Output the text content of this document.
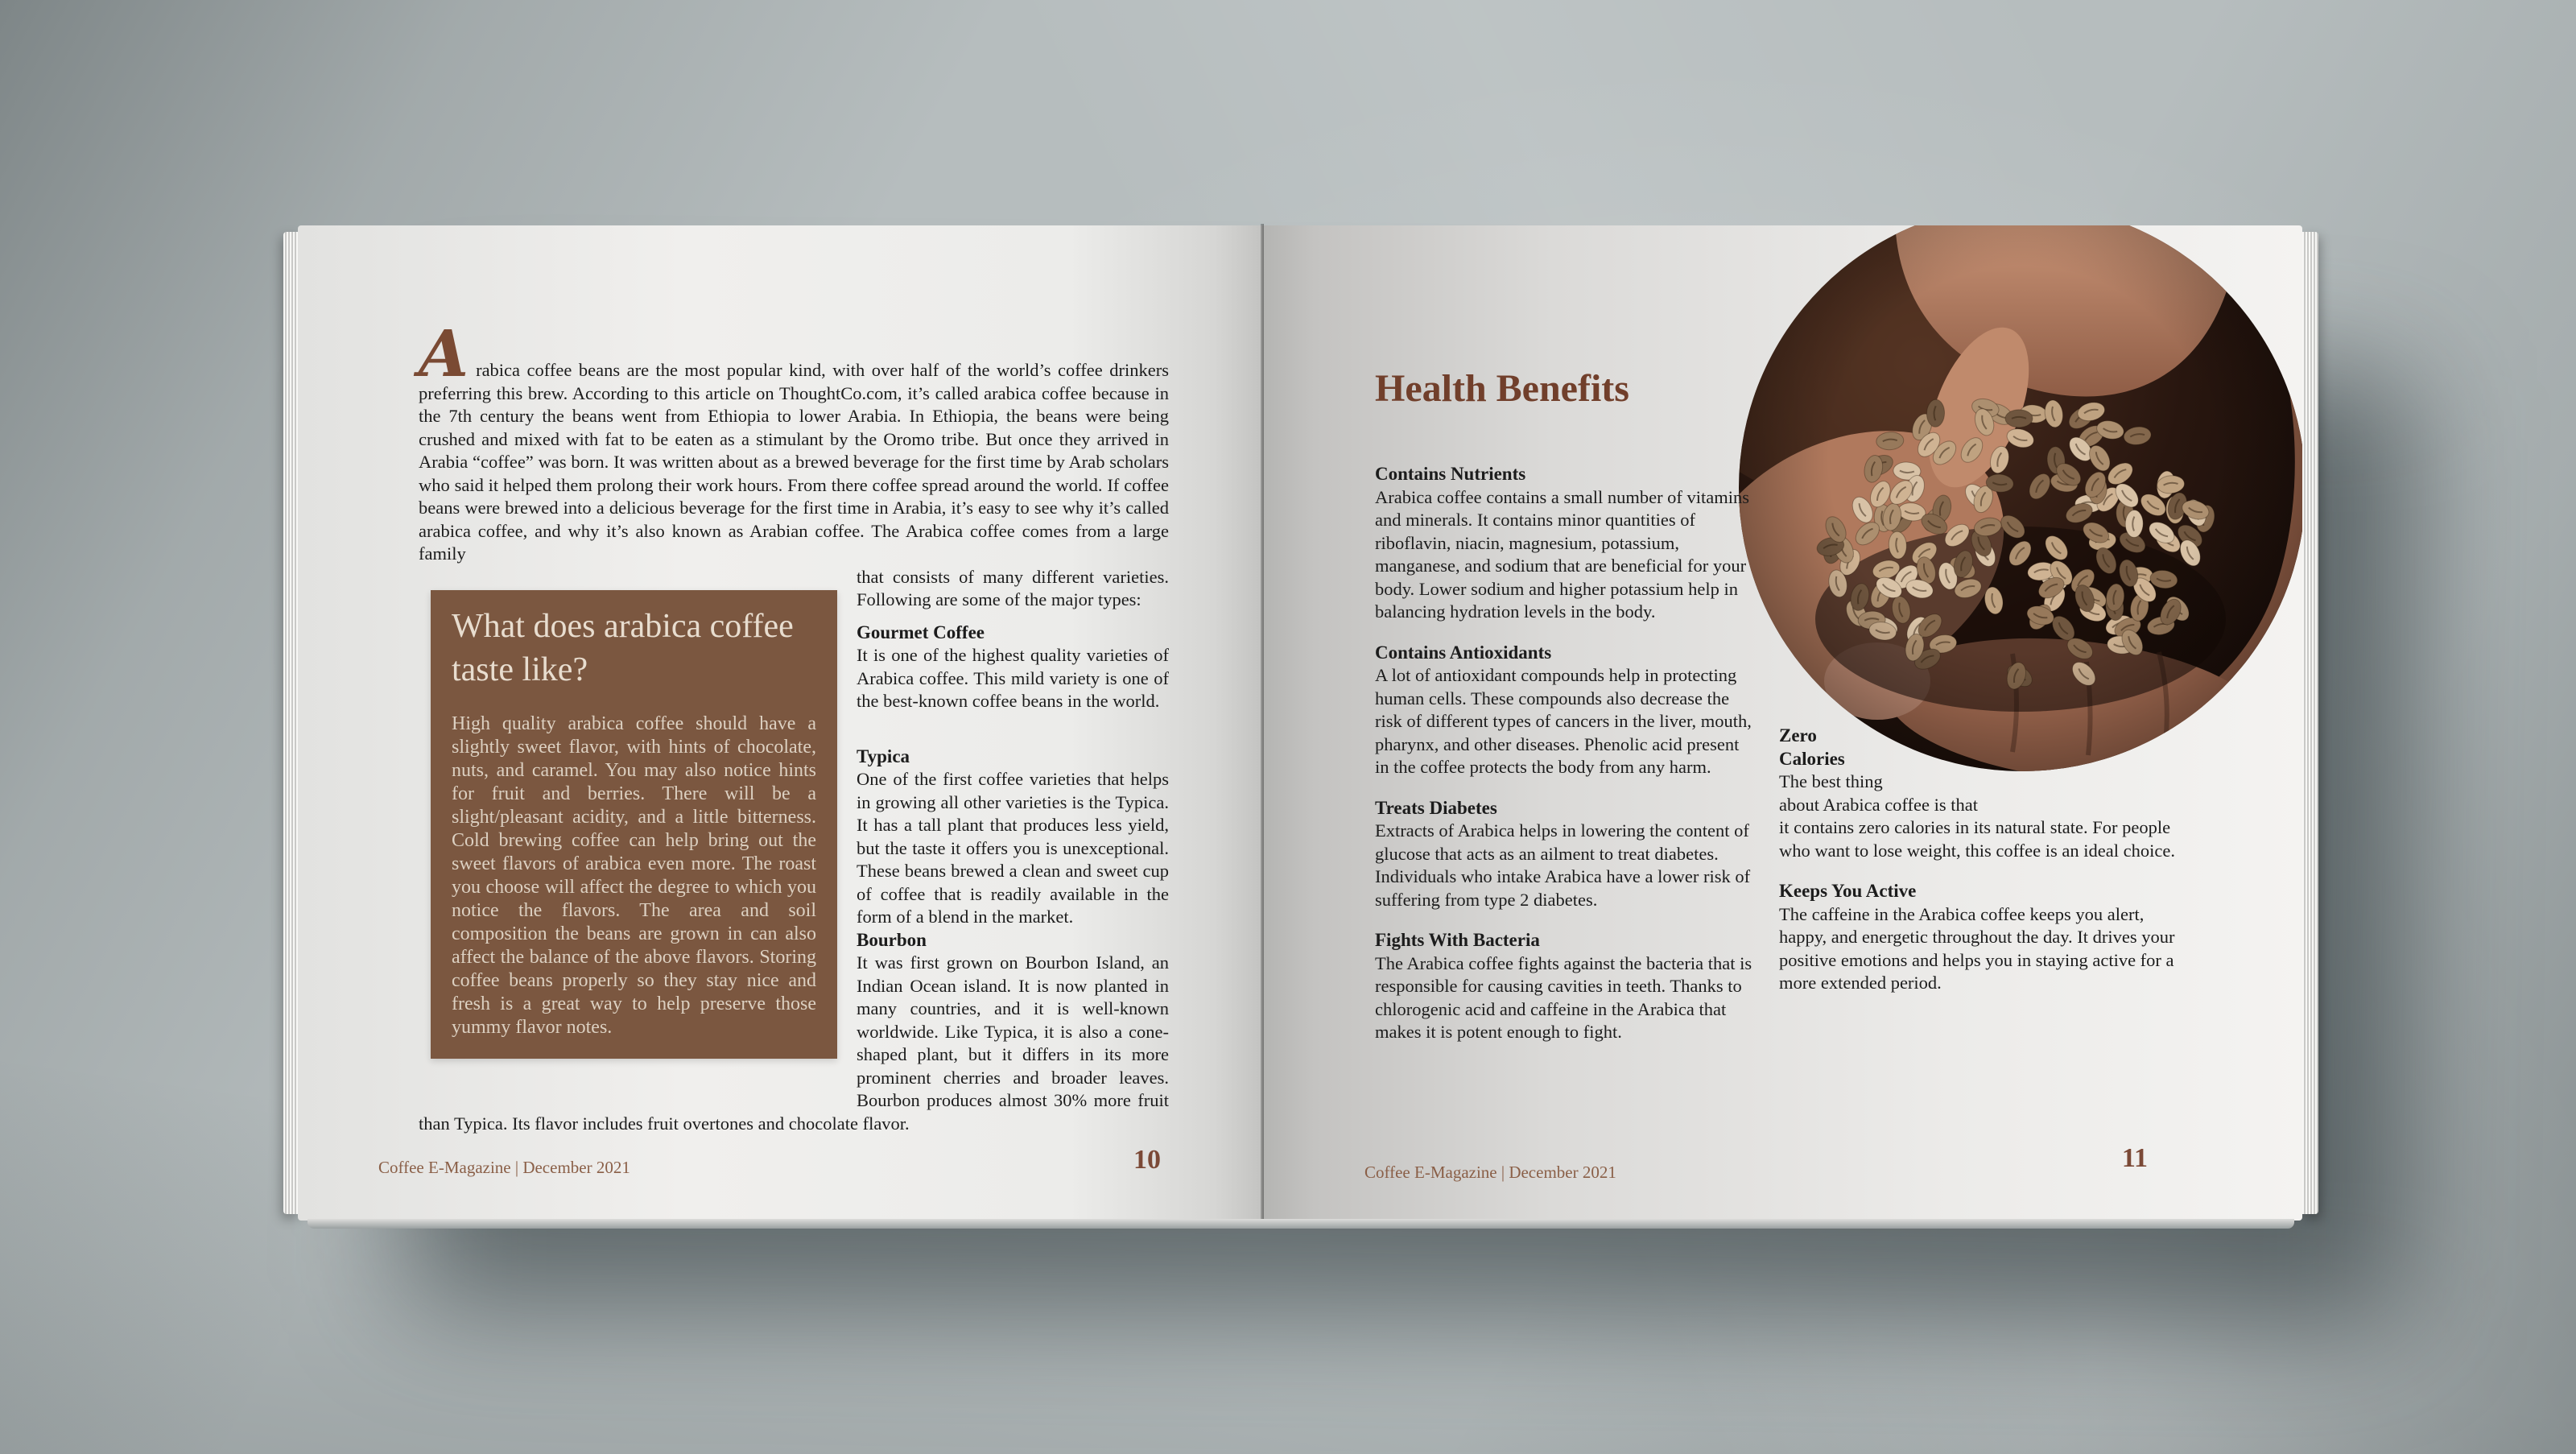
Arabica coffee beans are the most popular kind, with over half of the world’s coffee drinkers preferring this brew. According to this article on ThoughtCo.com, it’s called arabica coffee because in the 7th century the beans went from Ethiopia to lower Arabia. In Ethiopia, the beans were being crushed and mixed with fat to be eaten as a stimulant by the Oromo tribe. But once they arrived in Arabia “coffee” was born. It was written about as a brewed beverage for the first time by Arab scholars who said it helped them prolong their work hours. From there coffee spread around the world. If coffee beans were brewed into a delicious beverage for the first time in Arabia, it’s easy to see why it’s called arabica coffee, and why it’s also known as Arabian coffee. The Arabica coffee comes from a large family

What does arabica coffee taste like?

High quality arabica coffee should have a slightly sweet flavor, with hints of chocolate, nuts, and caramel. You may also notice hints for fruit and berries. There will be a slight/pleasant acidity, and a little bitterness. Cold brewing coffee can help bring out the sweet flavors of arabica even more. The roast you choose will affect the degree to which you notice the flavors. The area and soil composition the beans are grown in can also affect the balance of the above flavors. Storing coffee beans properly so they stay nice and fresh is a great way to help preserve those yummy flavor notes.

that consists of many different varieties. Following are some of the major types:

Gourmet Coffee

It is one of the highest quality varieties of Arabica coffee. This mild variety is one of the best-known coffee beans in the world.

Typica

One of the first coffee varieties that helps in growing all other varieties is the Typica. It has a tall plant that produces less yield, but the taste it offers you is unexceptional. These beans brewed a clean and sweet cup of coffee that is readily available in the form of a blend in the market.

Bourbon

It was first grown on Bourbon Island, an Indian Ocean island. It is now planted in many countries, and it is well-known worldwide. Like Typica, it is also a cone-shaped plant, but it differs in its more prominent cherries and broader leaves. Bourbon produces almost 30% more fruit than Typica. Its flavor includes fruit overtones and chocolate flavor.

Coffee E-Magazine | December 2021	10
Health Benefits
Contains Nutrients

Arabica coffee contains a small number of vitamins and minerals. It contains minor quantities of riboflavin, niacin, magnesium, potassium, manganese, and sodium that are beneficial for your body. Lower sodium and higher potassium help in balancing hydration levels in the body.

Contains Antioxidants

A lot of antioxidant compounds help in protecting human cells. These compounds also decrease the risk of different types of cancers in the liver, mouth, pharynx, and other diseases. Phenolic acid present in the coffee protects the body from any harm.

Treats Diabetes

Extracts of Arabica helps in lowering the content of glucose that acts as an ailment to treat diabetes. Individuals who intake Arabica have a lower risk of suffering from type 2 diabetes.

Fights With Bacteria

The Arabica coffee fights against the bacteria that is responsible for causing cavities in teeth. Thanks to chlorogenic acid and caffeine in the Arabica that makes it is potent enough to fight.

Zero Calories

The best thing about Arabica coffee is that it contains zero calories in its natural state. For people who want to lose weight, this coffee is an ideal choice.

Keeps You Active

The caffeine in the Arabica coffee keeps you alert, happy, and energetic throughout the day. It drives your positive emotions and helps you in staying active for a more extended period.

Coffee E-Magazine | December 2021	11
